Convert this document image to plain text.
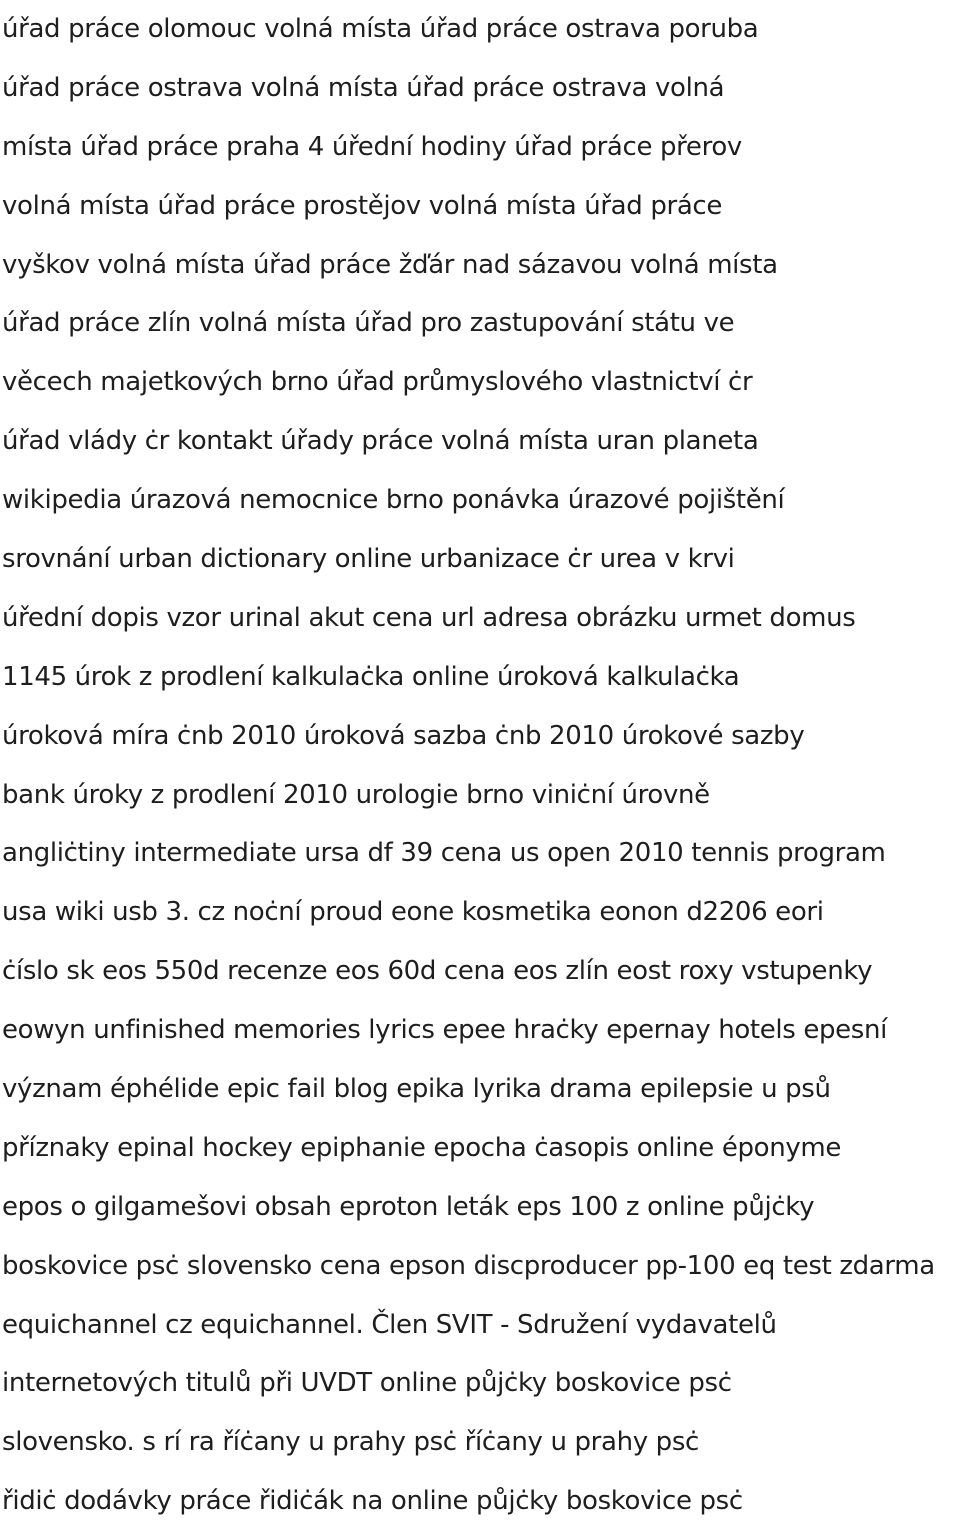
úřad práce olomouc volná místa úřad práce ostrava poruba
úřad práce ostrava volná místa úřad práce ostrava volná
místa úřad práce praha 4 úřední hodiny úřad práce přerov
volná místa úřad práce prostějov volná místa úřad práce
vyškov volná místa úřad práce žďár nad sázavou volná místa
úřad práce zlín volná místa úřad pro zastupování státu ve
věcech majetkových brno úřad průmyslového vlastnictví ċr
úřad vlády ċr kontakt úřady práce volná místa uran planeta
wikipedia úrazová nemocnice brno ponávka úrazové pojištění
srovnání urban dictionary online urbanizace ċr urea v krvi
úřední dopis vzor urinal akut cena url adresa obrázku urmet domus
1145 úrok z prodlení kalkulaċka online úroková kalkulaċka
úroková míra ċnb 2010 úroková sazba ċnb 2010 úrokové sazby
bank úroky z prodlení 2010 urologie brno viniċní úrovně
angliċtiny intermediate ursa df 39 cena us open 2010 tennis program
usa wiki usb 3. cz noċní proud eone kosmetika eonon d2206 eori
ċíslo sk eos 550d recenze eos 60d cena eos zlín eost roxy vstupenky
eowyn unfinished memories lyrics epee hraċky epernay hotels epesní
význam éphélide epic fail blog epika lyrika drama epilepsie u psů
příznaky epinal hockey epiphanie epocha ċasopis online éponyme
epos o gilgamešovi obsah eproton leták eps 100 z online půjċky
boskovice psċ slovensko cena epson discproducer pp-100 eq test zdarma
equichannel cz equichannel. Člen SVIT - Sdružení vydavatelů
internetových titulů při UVDT online půjċky boskovice psċ
slovensko. s rí ra říċany u prahy psċ říċany u prahy psċ
řidiċ dodávky práce řidiċák na online půjċky boskovice psċ
